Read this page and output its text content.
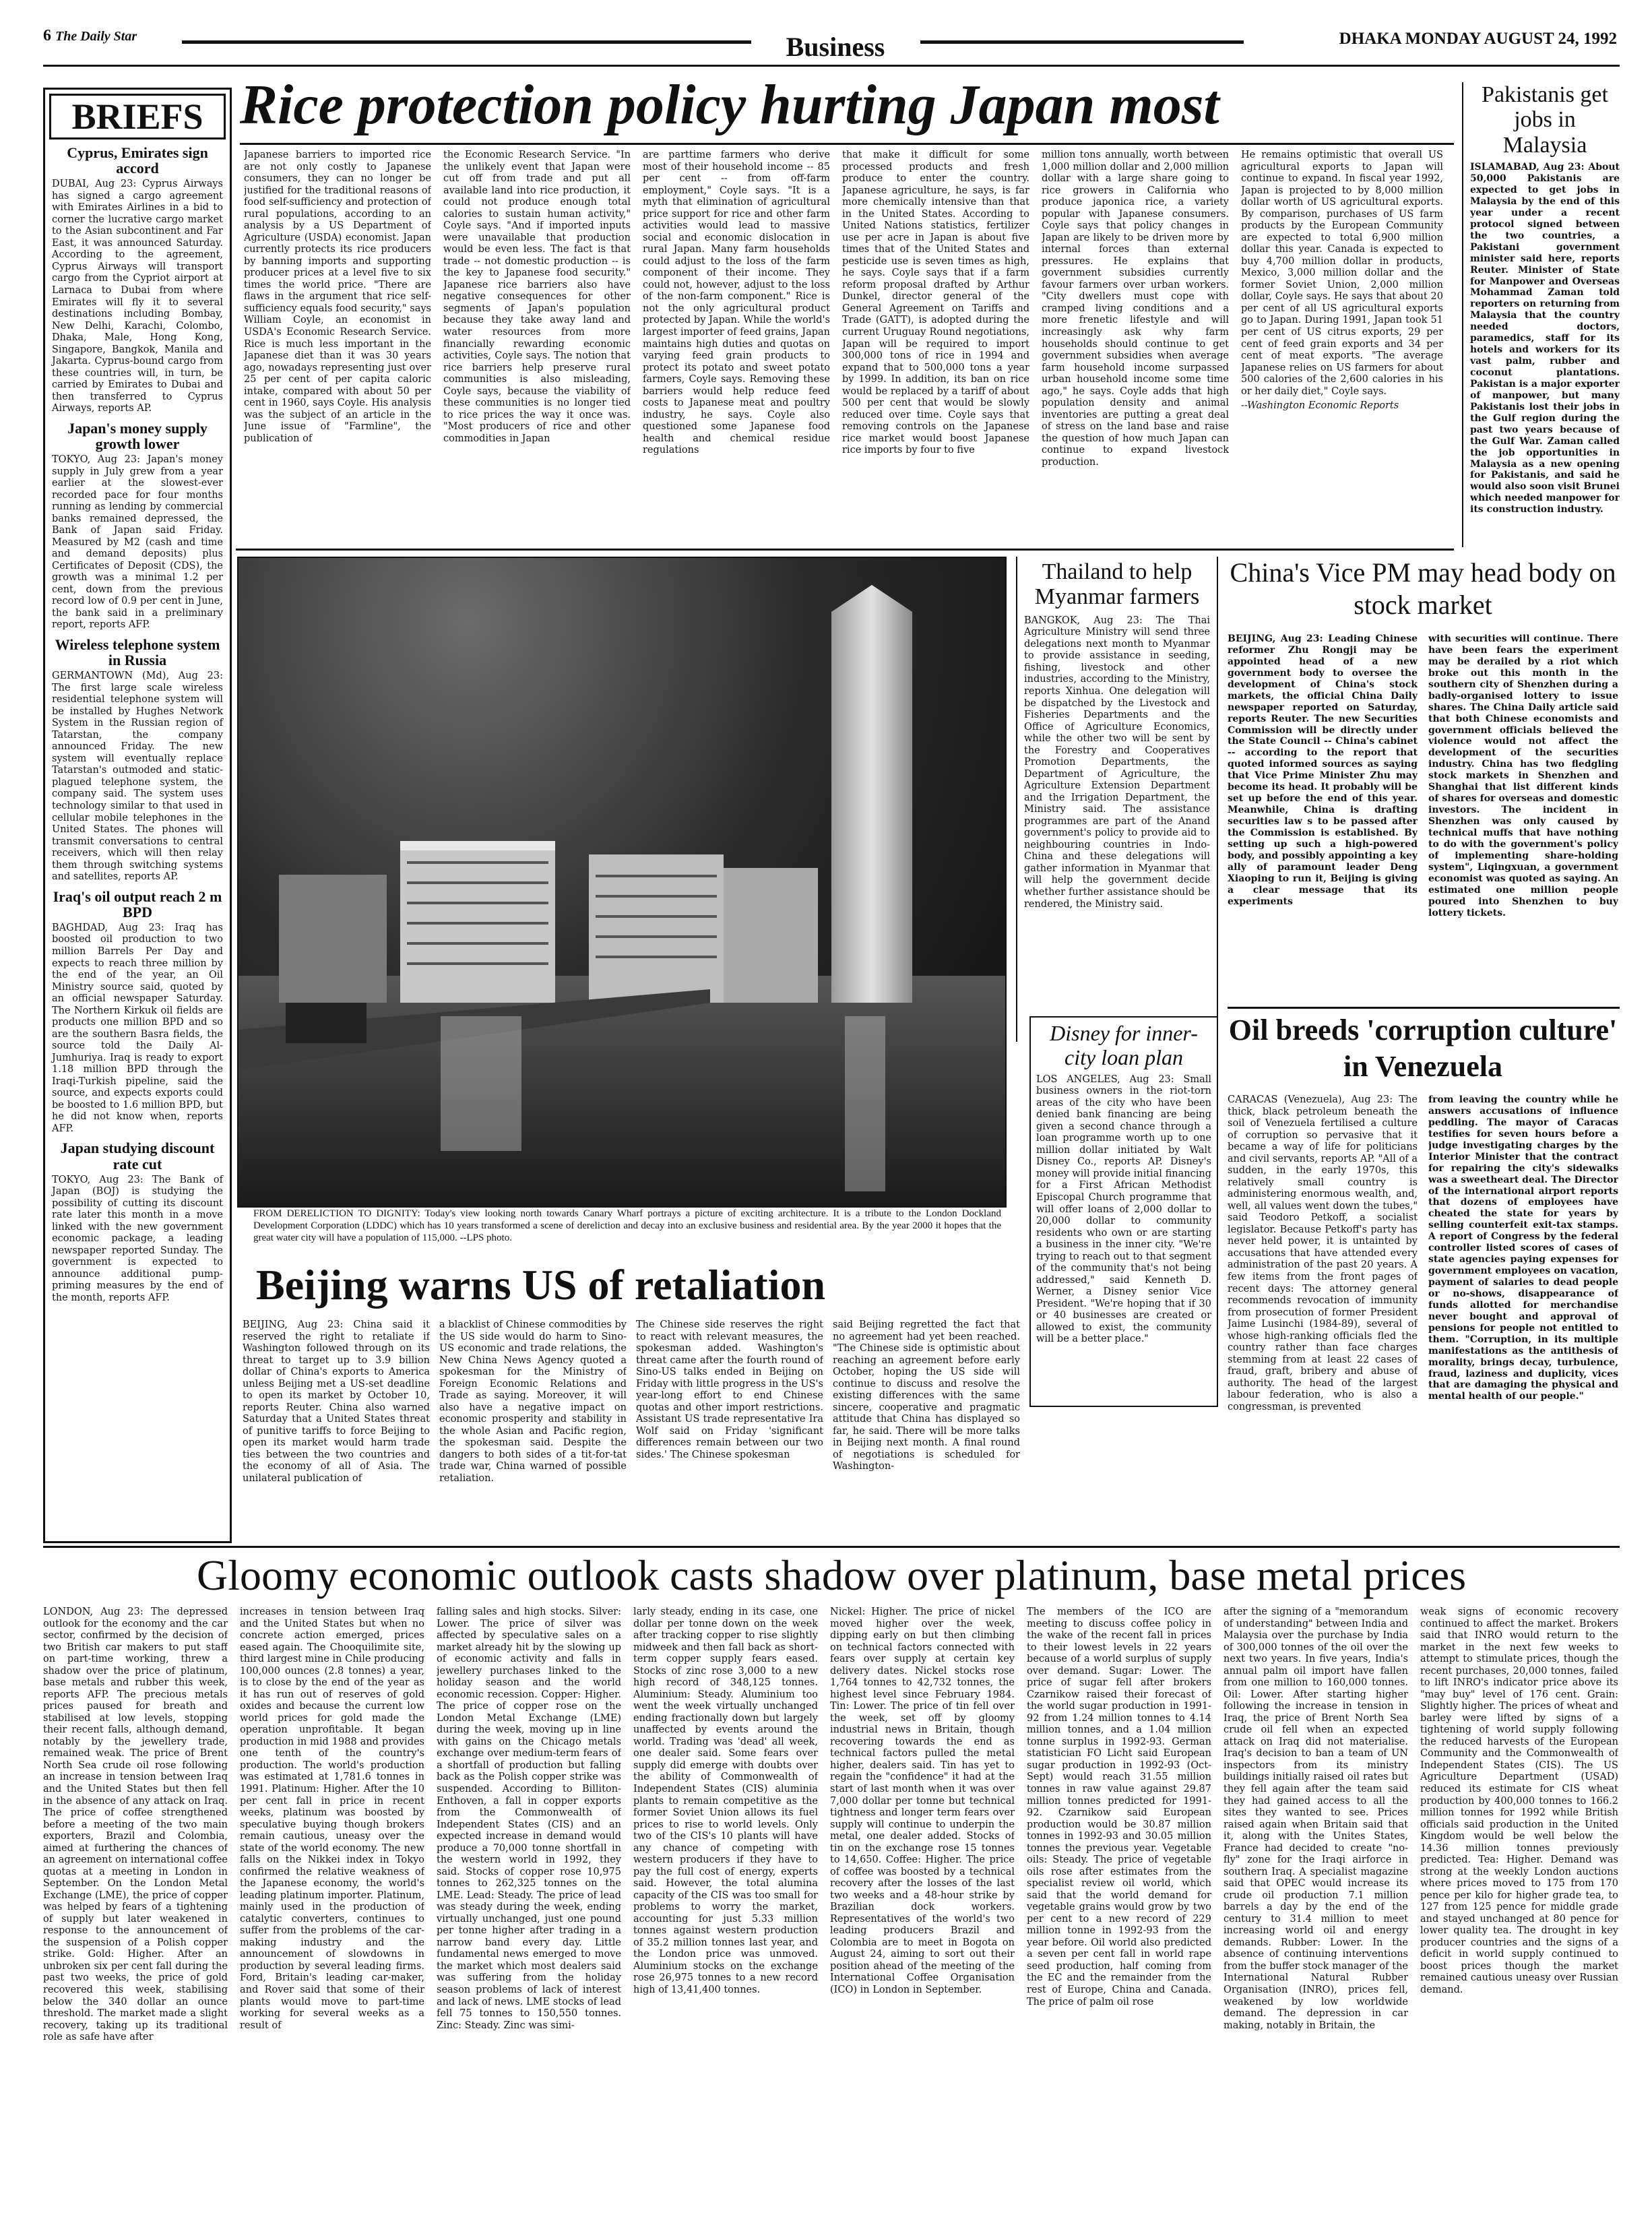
6 The Daily Star	Business	DHAKA MONDAY AUGUST 24, 1992
BRIEFS
Cyprus, Emirates sign accord
DUBAI, Aug 23: Cyprus Airways has signed a cargo agreement with Emirates Airlines in a bid to corner the lucrative cargo market to the Asian subcontinent and Far East, it was announced Saturday. According to the agreement, Cyprus Airways will transport cargo from the Cypriot airport at Larnaca to Dubai from where Emirates will fly it to several destinations including Bombay, New Delhi, Karachi, Colombo, Dhaka, Male, Hong Kong, Singapore, Bangkok, Manila and Jakarta. Cyprus-bound cargo from these countries will, in turn, be carried by Emirates to Dubai and then transferred to Cyprus Airways, reports AP.
Japan's money supply growth lower
TOKYO, Aug 23: Japan's money supply in July grew from a year earlier at the slowest-ever recorded pace for four months running as lending by commercial banks remained depressed, the Bank of Japan said Friday. Measured by M2 (cash and time and demand deposits) plus Certificates of Deposit (CDS), the growth was a minimal 1.2 per cent, down from the previous record low of 0.9 per cent in June, the bank said in a preliminary report, reports AFP.
Wireless telephone system in Russia
GERMANTOWN (Md), Aug 23: The first large scale wireless residential telephone system will be installed by Hughes Network System in the Russian region of Tatarstan, the company announced Friday. The new system will eventually replace Tatarstan's outmoded and static-plagued telephone system, the company said. The system uses technology similar to that used in cellular mobile telephones in the United States. The phones will transmit conversations to central receivers, which will then relay them through switching systems and satellites, reports AP.
Iraq's oil output reach 2 m BPD
BAGHDAD, Aug 23: Iraq has boosted oil production to two million Barrels Per Day and expects to reach three million by the end of the year, an Oil Ministry source said, quoted by an official newspaper Saturday. The Northern Kirkuk oil fields are products one million BPD and so are the southern Basra fields, the source told the Daily Al-Jumhuriya. Iraq is ready to export 1.18 million BPD through the Iraqi-Turkish pipeline, said the source, and expects exports could be boosted to 1.6 million BPD, but he did not know when, reports AFP.
Japan studying discount rate cut
TOKYO, Aug 23: The Bank of Japan (BOJ) is studying the possibility of cutting its discount rate later this month in a move linked with the new government economic package, a leading newspaper reported Sunday. The government is expected to announce additional pump-priming measures by the end of the month, reports AFP.
Rice protection policy hurting Japan most
Japanese barriers to imported rice are not only costly to Japanese consumers, they can no longer be justified for the traditional reasons of food self-sufficiency and protection of rural populations, according to an analysis by a US Department of Agriculture (USDA) economist. Japan currently protects its rice producers by banning imports and supporting producer prices at a level five to six times the world price. "There are flaws in the argument that rice self-sufficiency equals food security," says William Coyle, an economist in USDA's Economic Research Service. Rice is much less important in the Japanese diet than it was 30 years ago, nowadays representing just over 25 per cent of per capita caloric intake, compared with about 50 per cent in 1960, says Coyle. His analysis was the subject of an article in the June issue of "Farmline", the publication of
the Economic Research Service. "In the unlikely event that Japan were cut off from trade and put all available land into rice production, it could not produce enough total calories to sustain human activity," Coyle says. "And if imported inputs were unavailable that production would be even less. The fact is that trade -- not domestic production -- is the key to Japanese food security." Japanese rice barriers also have negative consequences for other segments of Japan's population because they take away land and water resources from more financially rewarding economic activities, Coyle says. The notion that rice barriers help preserve rural communities is also misleading, Coyle says, because the viability of these communities is no longer tied to rice prices the way it once was. "Most producers of rice and other commodities in Japan
are parttime farmers who derive most of their household income -- 85 per cent -- from off-farm employment," Coyle says. "It is a myth that elimination of agricultural price support for rice and other farm activities would lead to massive social and economic dislocation in rural Japan. Many farm households could adjust to the loss of the farm component of their income. They could not, however, adjust to the loss of the non-farm component." Rice is not the only agricultural product protected by Japan. While the world's largest importer of feed grains, Japan maintains high duties and quotas on varying feed grain products to protect its potato and sweet potato farmers, Coyle says. Removing these barriers would help reduce feed costs to Japanese meat and poultry industry, he says. Coyle also questioned some Japanese food health and chemical residue regulations
that make it difficult for some processed products and fresh produce to enter the country. Japanese agriculture, he says, is far more chemically intensive than that in the United States. According to United Nations statistics, fertilizer use per acre in Japan is about five times that of the United States and pesticide use is seven times as high, he says. Coyle says that if a farm reform proposal drafted by Arthur Dunkel, director general of the General Agreement on Tariffs and Trade (GATT), is adopted during the current Uruguay Round negotiations, Japan will be required to import 300,000 tons of rice in 1994 and expand that to 500,000 tons a year by 1999. In addition, its ban on rice would be replaced by a tariff of about 500 per cent that would be slowly reduced over time. Coyle says that removing controls on the Japanese rice market would boost Japanese rice imports by four to five
million tons annually, worth between 1,000 million dollar and 2,000 million dollar with a large share going to rice growers in California who produce japonica rice, a variety popular with Japanese consumers. Coyle says that policy changes in Japan are likely to be driven more by internal forces than external pressures. He explains that government subsidies currently favour farmers over urban workers. "City dwellers must cope with cramped living conditions and a more frenetic lifestyle and will increasingly ask why farm households should continue to get government subsidies when average farm household income surpassed urban household income some time ago," he says. Coyle adds that high population density and animal inventories are putting a great deal of stress on the land base and raise the question of how much Japan can continue to expand livestock production.
He remains optimistic that overall US agricultural exports to Japan will continue to expand. In fiscal year 1992, Japan is projected to by 8,000 million dollar worth of US agricultural exports. By comparison, purchases of US farm products by the European Community are expected to total 6,900 million dollar this year. Canada is expected to buy 4,700 million dollar in products, Mexico, 3,000 million dollar and the former Soviet Union, 2,000 million dollar, Coyle says. He says that about 20 per cent of all US agricultural exports go to Japan. During 1991, Japan took 51 per cent of US citrus exports, 29 per cent of feed grain exports and 34 per cent of meat exports. "The average Japanese relies on US farmers for about 500 calories of the 2,600 calories in his or her daily diet," Coyle says.
--Washington Economic Reports
Pakistanis get jobs in Malaysia
ISLAMABAD, Aug 23: About 50,000 Pakistanis are expected to get jobs in Malaysia by the end of this year under a recent protocol signed between the two countries, a Pakistani government minister said here, reports Reuter. Minister of State for Manpower and Overseas Mohammad Zaman told reporters on returning from Malaysia that the country needed doctors, paramedics, staff for its hotels and workers for its vast palm, rubber and coconut plantations. Pakistan is a major exporter of manpower, but many Pakistanis lost their jobs in the Gulf region during the past two years because of the Gulf War. Zaman called the job opportunities in Malaysia as a new opening for Pakistanis, and said he would also soon visit Brunei which needed manpower for its construction industry.
FROM DERELICTION TO DIGNITY: Today's view looking north towards Canary Wharf portrays a picture of exciting architecture. It is a tribute to the London Dockland Development Corporation (LDDC) which has 10 years transformed a scene of dereliction and decay into an exclusive business and residential area. By the year 2000 it hopes that the great water city will have a population of 115,000. --LPS photo.
Thailand to help Myanmar farmers
BANGKOK, Aug 23: The Thai Agriculture Ministry will send three delegations next month to Myanmar to provide assistance in seeding, fishing, livestock and other industries, according to the Ministry, reports Xinhua. One delegation will be dispatched by the Livestock and Fisheries Departments and the Office of Agriculture Economics, while the other two will be sent by the Forestry and Cooperatives Promotion Departments, the Department of Agriculture, the Agriculture Extension Department and the Irrigation Department, the Ministry said. The assistance programmes are part of the Anand government's policy to provide aid to neighbouring countries in Indo-China and these delegations will gather information in Myanmar that will help the government decide whether further assistance should be rendered, the Ministry said.
China's Vice PM may head body on stock market
BEIJING, Aug 23: Leading Chinese reformer Zhu Rongji may be appointed head of a new government body to oversee the development of China's stock markets, the official China Daily newspaper reported on Saturday, reports Reuter. The new Securities Commission will be directly under the State Council -- China's cabinet -- according to the report that quoted informed sources as saying that Vice Prime Minister Zhu may become its head. It probably will be set up before the end of this year. Meanwhile, China is drafting securities law s to be passed after the Commission is established. By setting up such a high-powered body, and possibly appointing a key ally of paramount leader Deng Xiaoping to run it, Beijing is giving a clear message that its experiments
with securities will continue. There have been fears the experiment may be derailed by a riot which broke out this month in the southern city of Shenzhen during a badly-organised lottery to issue shares. The China Daily article said that both Chinese economists and government officials believed the violence would not affect the development of the securities industry. China has two fledgling stock markets in Shenzhen and Shanghai that list different kinds of shares for overseas and domestic investors. The incident in Shenzhen was only caused by technical muffs that have nothing to do with the government's policy of implementing share-holding system", Liqingxuan, a government economist was quoted as saying. An estimated one million people poured into Shenzhen to buy lottery tickets.
Disney for inner-city loan plan
LOS ANGELES, Aug 23: Small business owners in the riot-torn areas of the city who have been denied bank financing are being given a second chance through a loan programme worth up to one million dollar initiated by Walt Disney Co., reports AP. Disney's money will provide initial financing for a First African Methodist Episcopal Church programme that will offer loans of 2,000 dollar to 20,000 dollar to community residents who own or are starting a business in the inner city. "We're trying to reach out to that segment of the community that's not being addressed," said Kenneth D. Werner, a Disney senior Vice President. "We're hoping that if 30 or 40 businesses are created or allowed to exist, the community will be a better place."
Oil breeds 'corruption culture' in Venezuela
CARACAS (Venezuela), Aug 23: The thick, black petroleum beneath the soil of Venezuela fertilised a culture of corruption so pervasive that it became a way of life for politicians and civil servants, reports AP. "All of a sudden, in the early 1970s, this relatively small country is administering enormous wealth, and, well, all values went down the tubes," said Teodoro Petkoff, a socialist legislator. Because Petkoff's party has never held power, it is untainted by accusations that have attended every administration of the past 20 years. A few items from the front pages of recent days: The attorney general recommends revocation of immunity from prosecution of former President Jaime Lusinchi (1984-89), several of whose high-ranking officials fled the country rather than face charges stemming from at least 22 cases of fraud, graft, bribery and abuse of authority. The head of the largest labour federation, who is also a congressman, is prevented
from leaving the country while he answers accusations of influence peddling. The mayor of Caracas testifies for seven hours before a judge investigating charges by the Interior Minister that the contract for repairing the city's sidewalks was a sweetheart deal. The Director of the international airport reports that dozens of employees have cheated the state for years by selling counterfeit exit-tax stamps. A report of Congress by the federal controller listed scores of cases of state agencies paying expenses for government employees on vacation, payment of salaries to dead people or no-shows, disappearance of funds allotted for merchandise never bought and approval of pensions for people not entitled to them. "Corruption, in its multiple manifestations as the antithesis of morality, brings decay, turbulence, fraud, laziness and duplicity, vices that are damaging the physical and mental health of our people."
Beijing warns US of retaliation
BEIJING, Aug 23: China said it reserved the right to retaliate if Washington followed through on its threat to target up to 3.9 billion dollar of China's exports to America unless Beijing met a US-set deadline to open its market by October 10, reports Reuter. China also warned Saturday that a United States threat of punitive tariffs to force Beijing to open its market would harm trade ties between the two countries and the economy of all of Asia. The unilateral publication of
a blacklist of Chinese commodities by the US side would do harm to Sino-US economic and trade relations, the New China News Agency quoted a spokesman for the Ministry of Foreign Economic Relations and Trade as saying. Moreover, it will also have a negative impact on economic prosperity and stability in the whole Asian and Pacific region, the spokesman said. Despite the dangers to both sides of a tit-for-tat trade war, China warned of possible retaliation.
The Chinese side reserves the right to react with relevant measures, the spokesman added. Washington's threat came after the fourth round of Sino-US talks ended in Beijing on Friday with little progress in the US's year-long effort to end Chinese quotas and other import restrictions. Assistant US trade representative Ira Wolf said on Friday 'significant differences remain between our two sides.' The Chinese spokesman
said Beijing regretted the fact that no agreement had yet been reached. "The Chinese side is optimistic about reaching an agreement before early October, hoping the US side will continue to discuss and resolve the existing differences with the same sincere, cooperative and pragmatic attitude that China has displayed so far, he said. There will be more talks in Beijing next month. A final round of negotiations is scheduled for Washington-
Gloomy economic outlook casts shadow over platinum, base metal prices
LONDON, Aug 23: The depressed outlook for the economy and the car sector, confirmed by the decision of two British car makers to put staff on part-time working, threw a shadow over the price of platinum, base metals and rubber this week, reports AFP. The precious metals prices paused for breath and stabilised at low levels, stopping their recent falls, although demand, notably by the jewellery trade, remained weak. The price of Brent North Sea crude oil rose following an increase in tension between Iraq and the United States but then fell in the absence of any attack on Iraq. The price of coffee strengthened before a meeting of the two main exporters, Brazil and Colombia, aimed at furthering the chances of an agreement on international coffee quotas at a meeting in London in September. On the London Metal Exchange (LME), the price of copper was helped by fears of a tightening of supply but later weakened in response to the announcement of the suspension of a Polish copper strike. Gold: Higher. After an unbroken six per cent fall during the past two weeks, the price of gold recovered this week, stabilising below the 340 dollar an ounce threshold. The market made a slight recovery, taking up its traditional role as safe have after
increases in tension between Iraq and the United States but when no concrete action emerged, prices eased again. The Chooquilimite site, third largest mine in Chile producing 100,000 ounces (2.8 tonnes) a year, is to close by the end of the year as it has run out of reserves of gold oxides and because the current low world prices for gold made the operation unprofitable. It began production in mid 1988 and provides one tenth of the country's production. The world's production was estimated at 1,781.6 tonnes in 1991. Platinum: Higher. After the 10 per cent fall in price in recent weeks, platinum was boosted by speculative buying though brokers remain cautious, uneasy over the state of the world economy. The new falls on the Nikkei index in Tokyo confirmed the relative weakness of the Japanese economy, the world's leading platinum importer. Platinum, mainly used in the production of catalytic converters, continues to suffer from the problems of the car-making industry and the announcement of slowdowns in production by several leading firms. Ford, Britain's leading car-maker, and Rover said that some of their plants would move to part-time working for several weeks as a result of
falling sales and high stocks. Silver: Lower. The price of silver was affected by speculative sales on a market already hit by the slowing up of economic activity and falls in jewellery purchases linked to the holiday season and the world economic recession. Copper: Higher. The price of copper rose on the London Metal Exchange (LME) during the week, moving up in line with gains on the Chicago metals exchange over medium-term fears of a shortfall of production but falling back as the Polish copper strike was suspended. According to Billiton-Enthoven, a fall in copper exports from the Commonwealth of Independent States (CIS) and an expected increase in demand would produce a 70,000 tonne shortfall in the western world in 1992, they said. Stocks of copper rose 10,975 tonnes to 262,325 tonnes on the LME. Lead: Steady. The price of lead was steady during the week, ending virtually unchanged, just one pound per tonne higher after trading in a narrow band every day. Little fundamental news emerged to move the market which most dealers said was suffering from the holiday season problems of lack of interest and lack of news. LME stocks of lead fell 75 tonnes to 150,550 tonnes. Zinc: Steady. Zinc was simi-
larly steady, ending in its case, one dollar per tonne down on the week after tracking copper to rise slightly midweek and then fall back as short-term copper supply fears eased. Stocks of zinc rose 3,000 to a new high record of 348,125 tonnes. Aluminium: Steady. Aluminium too went the week virtually unchanged ending fractionally down but largely unaffected by events around the world. Trading was 'dead' all week, one dealer said. Some fears over supply did emerge with doubts over the ability of Commonwealth of Independent States (CIS) aluminia plants to remain competitive as the former Soviet Union allows its fuel prices to rise to world levels. Only two of the CIS's 10 plants will have any chance of competing with western producers if they have to pay the full cost of energy, experts said. However, the total alumina capacity of the CIS was too small for problems to worry the market, accounting for just 5.33 million tonnes against western production of 35.2 million tonnes last year, and the London price was unmoved. Aluminium stocks on the exchange rose 26,975 tonnes to a new record high of 13,41,400 tonnes.
Nickel: Higher. The price of nickel moved higher over the week, dipping early on but then climbing on technical factors connected with fears over supply at certain key delivery dates. Nickel stocks rose 1,764 tonnes to 42,732 tonnes, the highest level since February 1984. Tin: Lower. The price of tin fell over the week, set off by gloomy industrial news in Britain, though recovering towards the end as technical factors pulled the metal higher, dealers said. Tin has yet to regain the "confidence" it had at the start of last month when it was over 7,000 dollar per tonne but technical tightness and longer term fears over supply will continue to underpin the metal, one dealer added. Stocks of tin on the exchange rose 15 tonnes to 14,650. Coffee: Higher. The price of coffee was boosted by a technical recovery after the losses of the last two weeks and a 48-hour strike by Brazilian dock workers. Representatives of the world's two leading producers Brazil and Colombia are to meet in Bogota on August 24, aiming to sort out their position ahead of the meeting of the International Coffee Organisation (ICO) in London in September.
The members of the ICO are meeting to discuss coffee policy in the wake of the recent fall in prices to their lowest levels in 22 years because of a world surplus of supply over demand. Sugar: Lower. The price of sugar fell after brokers Czarnikow raised their forecast of the world sugar production in 1991-92 from 1.24 million tonnes to 4.14 million tonnes, and a 1.04 million tonne surplus in 1992-93. German statistician FO Licht said European sugar production in 1992-93 (Oct-Sept) would reach 31.55 million tonnes in raw value against 29.87 million tonnes predicted for 1991-92. Czarnikow said European production would be 30.87 million tonnes in 1992-93 and 30.05 million tonnes the previous year. Vegetable oils: Steady. The price of vegetable oils rose after estimates from the specialist review oil world, which said that the world demand for vegetable grains would grow by two per cent to a new record of 229 million tonne in 1992-93 from the year before. Oil world also predicted a seven per cent fall in world rape seed production, half coming from the EC and the remainder from the rest of Europe, China and Canada. The price of palm oil rose
after the signing of a "memorandum of understanding" between India and Malaysia over the purchase by India of 300,000 tonnes of the oil over the next two years. In five years, India's annual palm oil import have fallen from one million to 160,000 tonnes. Oil: Lower. After starting higher following the increase in tension in Iraq, the price of Brent North Sea crude oil fell when an expected attack on Iraq did not materialise. Iraq's decision to ban a team of UN inspectors from its ministry buildings initially raised oil rates but they fell again after the team said they had gained access to all the sites they wanted to see. Prices raised again when Britain said that it, along with the Unites States, France had decided to create "no-fly" zone for the Iraqi airforce in southern Iraq. A specialist magazine said that OPEC would increase its crude oil production 7.1 million barrels a day by the end of the century to 31.4 million to meet increasing world oil and energy demands. Rubber: Lower. In the absence of continuing interventions from the buffer stock manager of the International Natural Rubber Organisation (INRO), prices fell, weakened by low worldwide demand. The depression in car making, notably in Britain, the
weak signs of economic recovery continued to affect the market. Brokers said that INRO would return to the market in the next few weeks to attempt to stimulate prices, though the recent purchases, 20,000 tonnes, failed to lift INRO's indicator price above its "may buy" level of 176 cent. Grain: Slightly higher. The prices of wheat and barley were lifted by signs of a tightening of world supply following the reduced harvests of the European Community and the Commonwealth of Independent States (CIS). The US Agriculture Department (USAD) reduced its estimate for CIS wheat production by 400,000 tonnes to 166.2 million tonnes for 1992 while British officials said production in the United Kingdom would be well below the 14.36 million tonnes previously predicted. Tea: Higher. Demand was strong at the weekly London auctions where prices moved to 175 from 170 pence per kilo for higher grade tea, to 127 from 125 pence for middle grade and stayed unchanged at 80 pence for lower quality tea. The drought in key producer countries and the signs of a deficit in world supply continued to boost prices though the market remained cautious uneasy over Russian demand.
